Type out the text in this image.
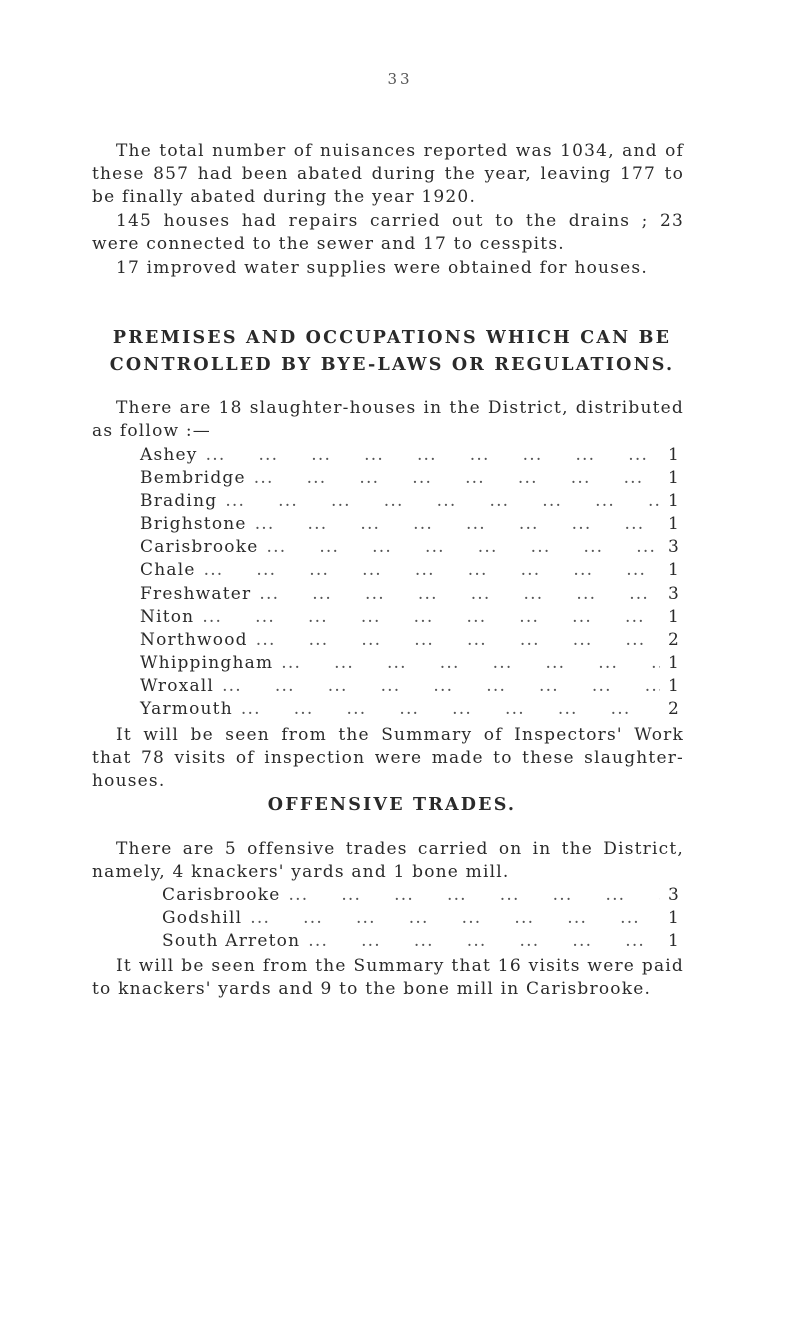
33

The total number of nuisances reported was 1034, and of these 857 had been abated during the year, leaving 177 to be finally abated during the year 1920.

145 houses had repairs carried out to the drains ; 23 were connected to the sewer and 17 to cesspits.

17 improved water supplies were obtained for houses.

PREMISES AND OCCUPATIONS WHICH CAN BE
CONTROLLED BY BYE-LAWS OR REGULATIONS.

There are 18 slaughter-houses in the District, distributed as follow :—

Ashey ...	1
Bembridge ...	1
Brading ...	1
Brighstone ...	1
Carisbrooke ...	3
Chale ...	1
Freshwater ...	3
Niton ...	1
Northwood ...	2
Whippingham ...	1
Wroxall ...	1
Yarmouth ...	2

It will be seen from the Summary of Inspectors' Work that 78 visits of inspection were made to these slaughter-houses.

OFFENSIVE TRADES.

There are 5 offensive trades carried on in the District, namely, 4 knackers' yards and 1 bone mill.

Carisbrooke ...	3
Godshill ...	1
South Arreton ...	1

It will be seen from the Summary that 16 visits were paid to knackers' yards and 9 to the bone mill in Carisbrooke.
